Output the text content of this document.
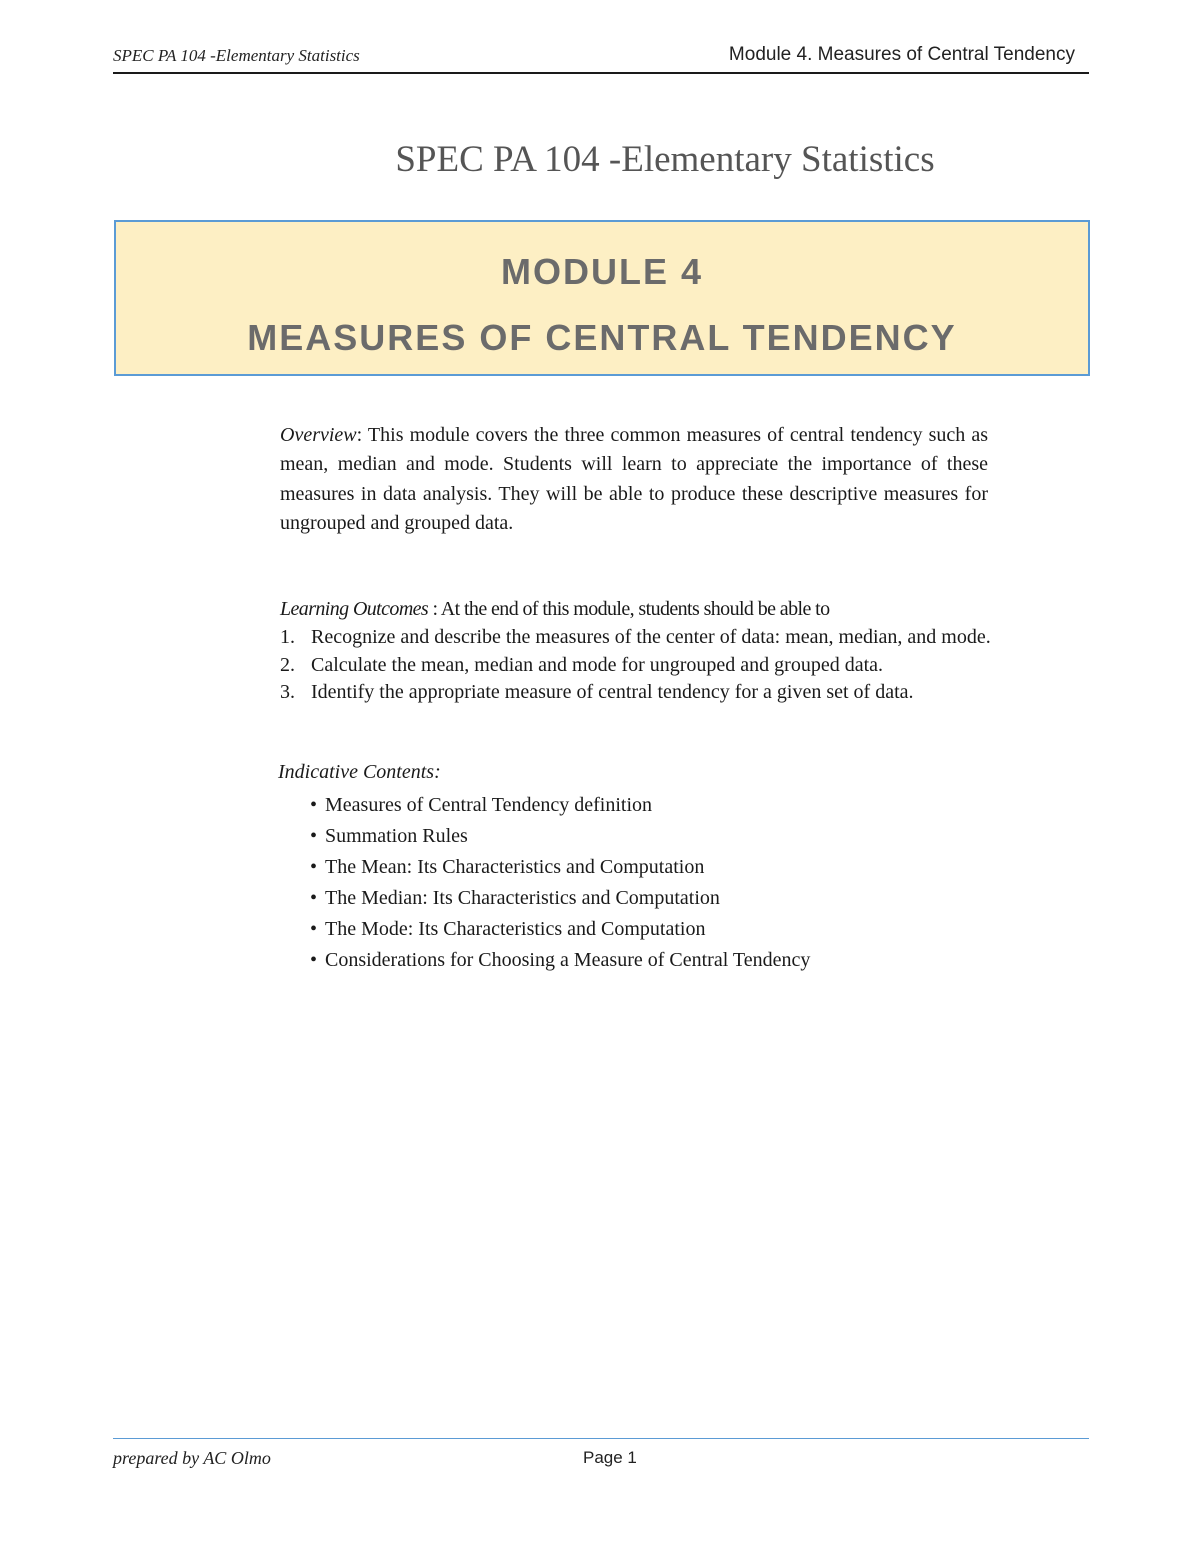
SPEC PA 104 -Elementary Statistics	Module 4. Measures of Central Tendency
SPEC PA 104 -Elementary Statistics
MODULE 4
MEASURES OF CENTRAL TENDENCY
Overview: This module covers the three common measures of central tendency such as mean, median and mode. Students will learn to appreciate the importance of these measures in data analysis. They will be able to produce these descriptive measures for ungrouped and grouped data.
Learning Outcomes : At the end of this module, students should be able to
1. Recognize and describe the measures of the center of data: mean, median, and mode.
2. Calculate the mean, median and mode for ungrouped and grouped data.
3. Identify the appropriate measure of central tendency for a given set of data.
Indicative Contents:
• Measures of Central Tendency definition
• Summation Rules
• The Mean: Its Characteristics and Computation
• The Median: Its Characteristics and Computation
• The Mode: Its Characteristics and Computation
• Considerations for Choosing a Measure of Central Tendency
prepared by AC Olmo	Page 1
